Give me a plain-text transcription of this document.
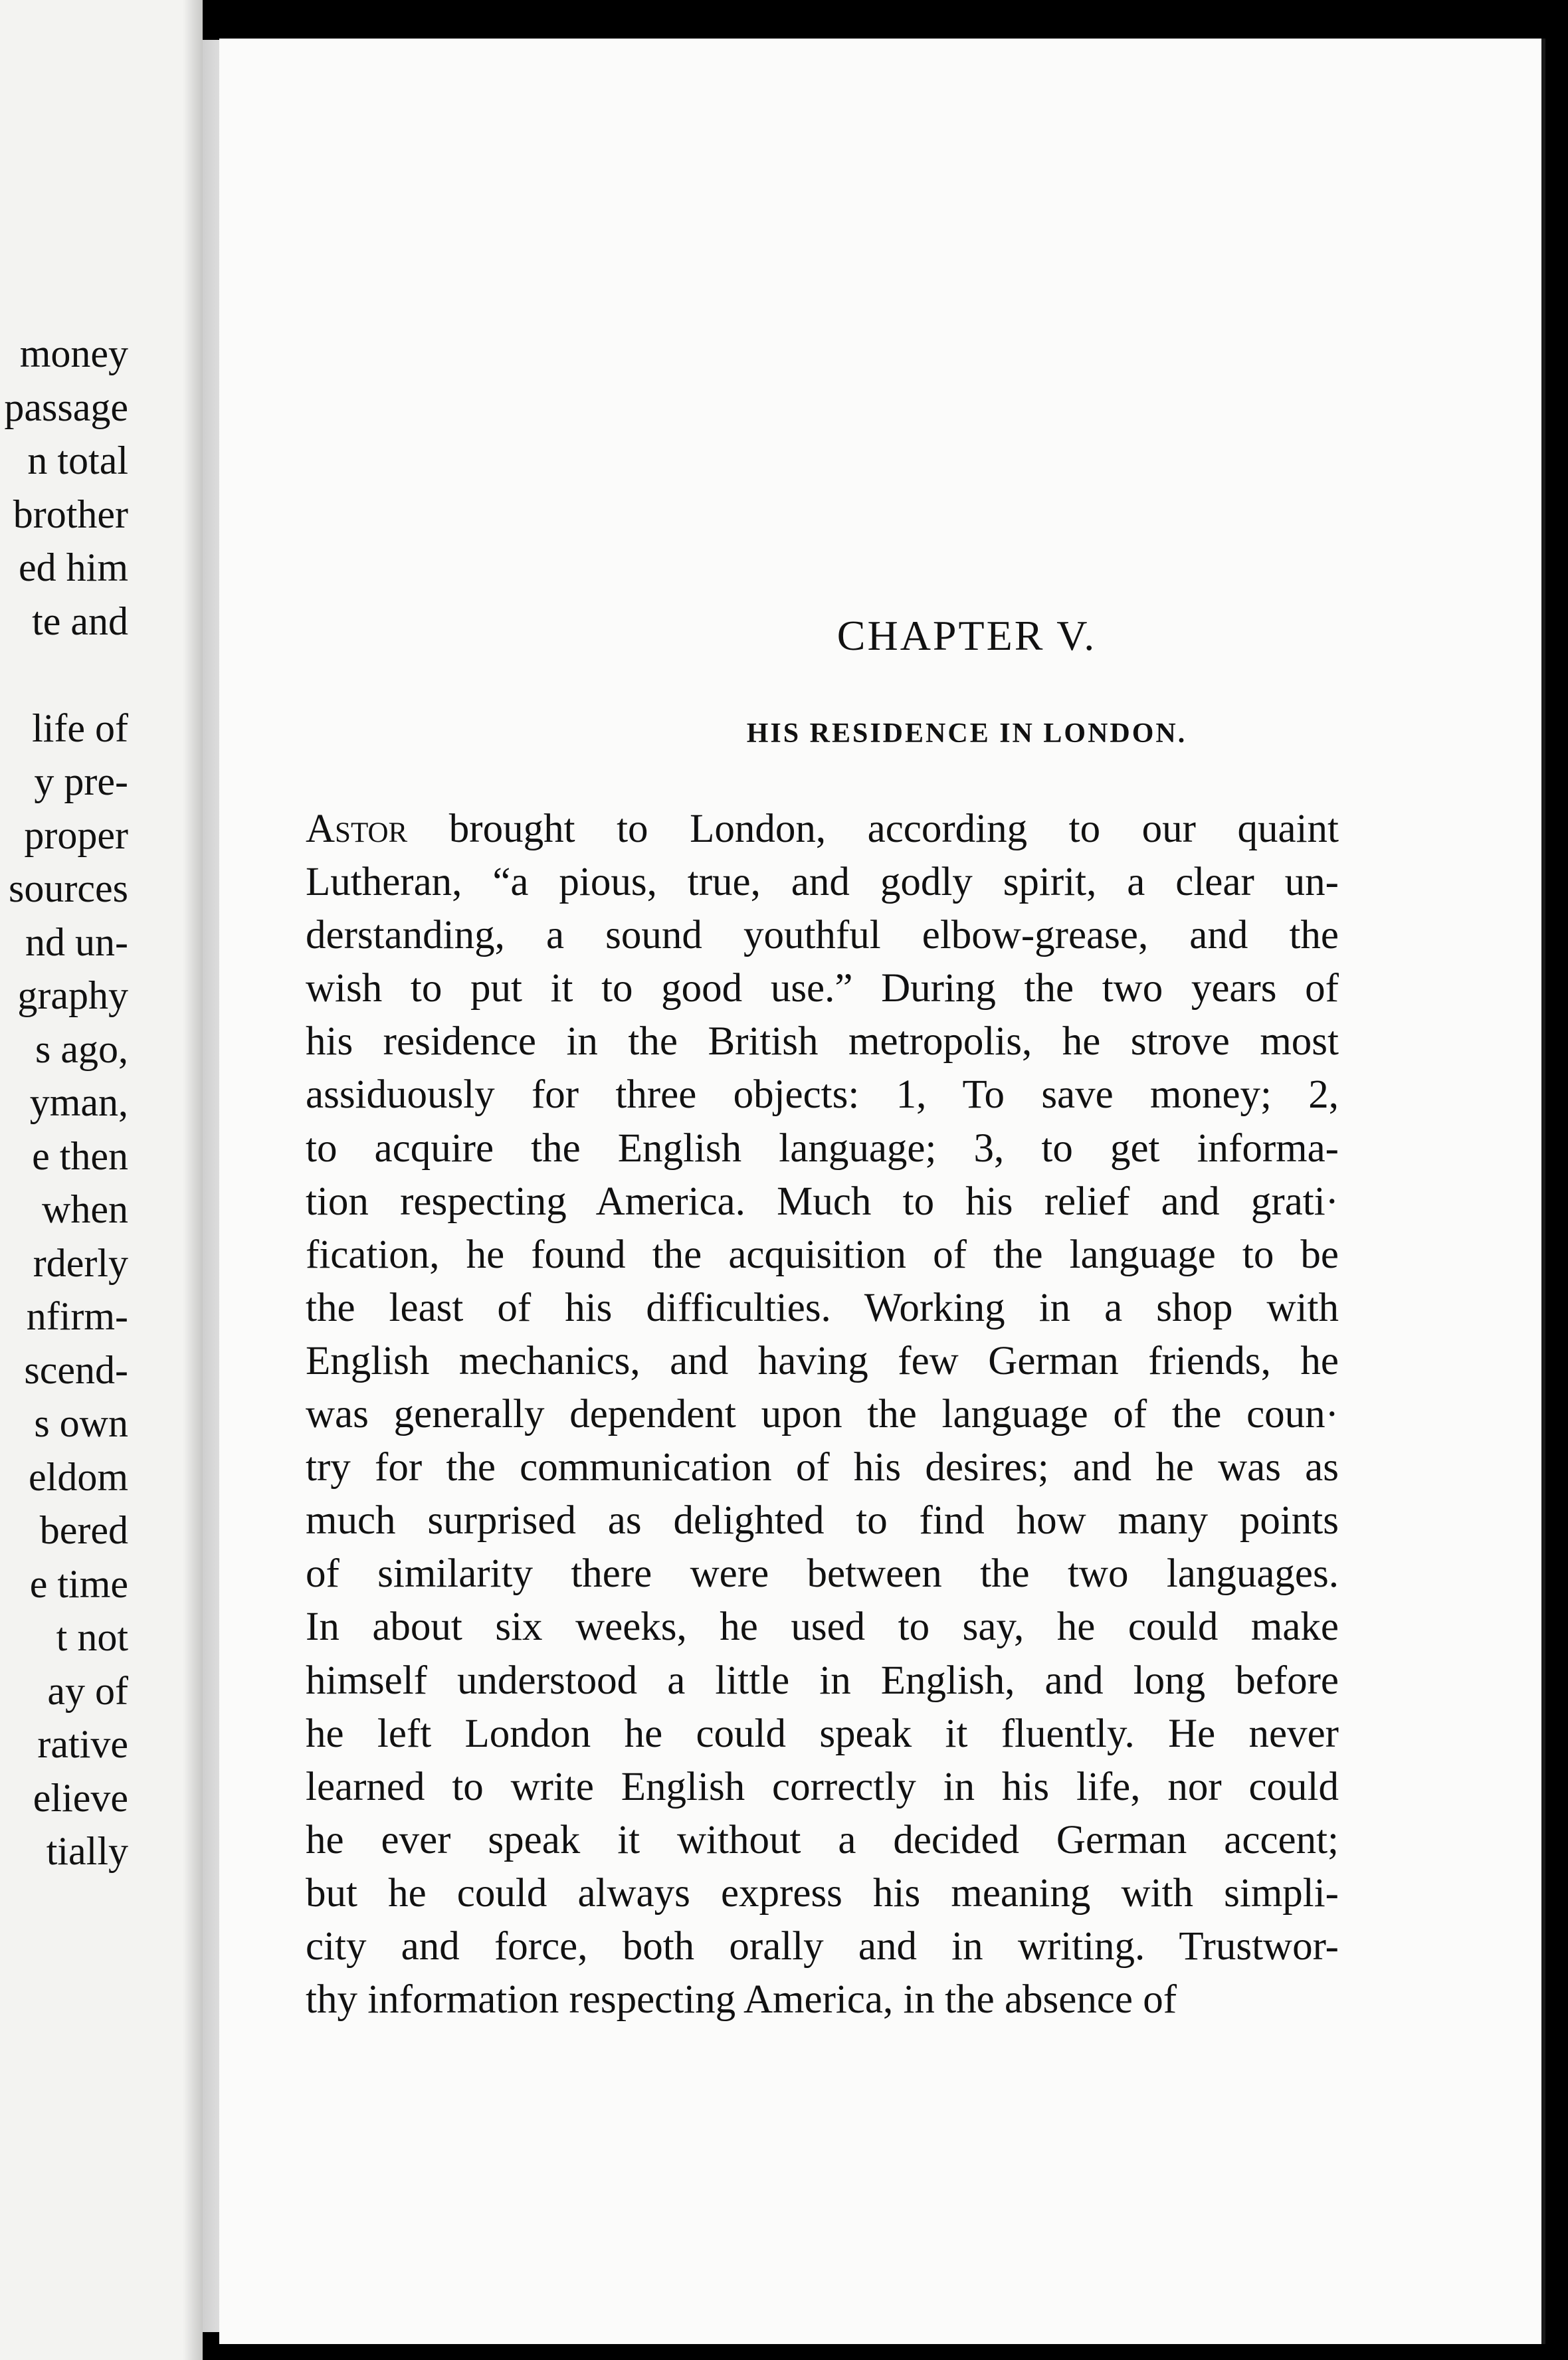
money
passage
n total
brother
ed him
te and
life of
y pre-
proper
sources
nd un-
graphy
s ago,
yman,
e then
when
rderly
nfirm-
scend-
s own
eldom
bered
e time
t not
ay of
rative
elieve
tially
CHAPTER V.
HIS RESIDENCE IN LONDON.
Astor brought to London, according to our quaint
Lutheran, “a pious, true, and godly spirit, a clear un-
derstanding, a sound youthful elbow-grease, and the
wish to put it to good use.” During the two years of
his residence in the British metropolis, he strove most
assiduously for three objects: 1, To save money; 2,
to acquire the English language; 3, to get informa-
tion respecting America. Much to his relief and grati·
fication, he found the acquisition of the language to be
the least of his difficulties. Working in a shop with
English mechanics, and having few German friends, he
was generally dependent upon the language of the coun·
try for the communication of his desires; and he was as
much surprised as delighted to find how many points
of similarity there were between the two languages.
In about six weeks, he used to say, he could make
himself understood a little in English, and long before
he left London he could speak it fluently. He never
learned to write English correctly in his life, nor could
he ever speak it without a decided German accent;
but he could always express his meaning with simpli-
city and force, both orally and in writing. Trustwor-
thy information respecting America, in the absence of
